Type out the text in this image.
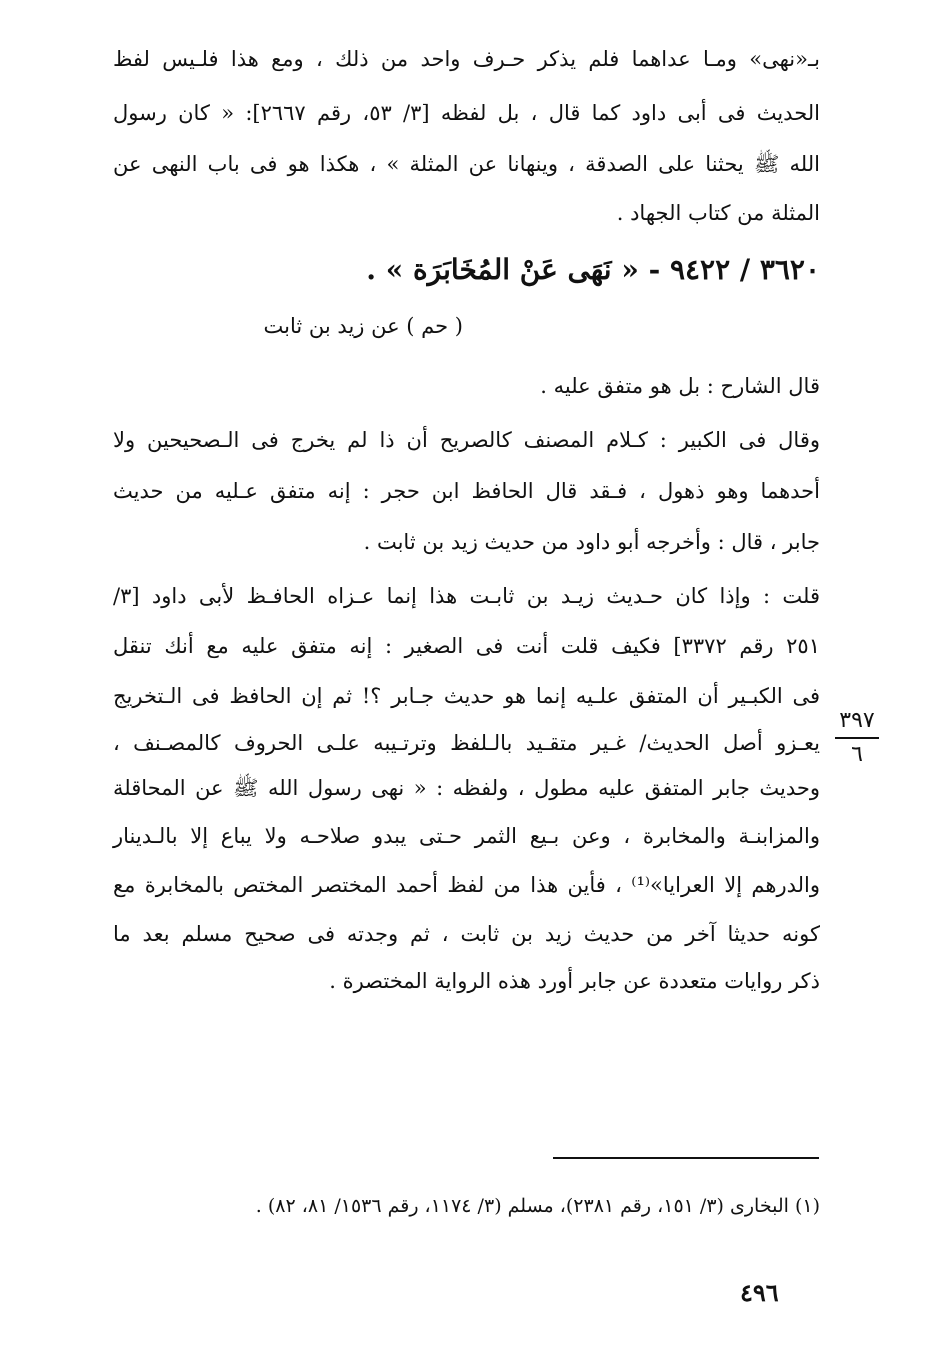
بـ«نهى» ومـا عداهما فلم يذكر حـرف واحد من ذلك ، ومع هذا فلـيس لفظ
الحديث فى أبى داود كما قال ، بل لفظه [٣/ ٥٣، رقم ٢٦٦٧]: « كان رسول
الله ﷺ يحثنا على الصدقة ، وينهانا عن المثلة » ، هكذا هو فى باب النهى عن
المثلة من كتاب الجهاد .
٣٦٢٠ / ٩٤٢٢ - « نَهَى عَنْ المُخَابَرَة » .
( حم ) عن زيد بن ثابت
قال الشارح : بل هو متفق عليه .
وقال فى الكبير : كـلام المصنف كالصريح أن ذا لم يخرج فى الـصحيحين ولا
أحدهما وهو ذهول ، فـقد قال الحافظ ابن حجر : إنه متفق عـليه من حديث
جابر ، قال : وأخرجه أبو داود من حديث زيد بن ثابت .
قلت : وإذا كان حـديث زيـد بن ثابـت هذا إنما عـزاه الحافـظ لأبى داود [٣/
٢٥١ رقم ٣٣٧٢] فكيف قلت أنت فى الصغير : إنه متفق عليه مع أنك تنقل
فى الكبـير أن المتفق علـيه إنما هو حديث جـابر ؟! ثم إن الحافظ فى الـتخريج
يعـزو أصل الحديث/ غـير متقـيد بالـلفظ وترتـيبه علـى الحروف كالمصـنف ،
وحديث جابر المتفق عليه مطول ، ولفظه : « نهى رسول الله ﷺ عن المحاقلة
والمزابنـة والمخابرة ، وعن بـيع الثمر حـتى يبدو صلاحـه ولا يباع إلا بالـدينار
والدرهم إلا العرايا»⁽¹⁾ ، فأين هذا من لفظ أحمد المختصر المختص بالمخابرة مع
كونه حديثا آخر من حديث زيد بن ثابت ، ثم وجدته فى صحيح مسلم بعد ما
ذكر روايات متعددة عن جابر أورد هذه الرواية المختصرة .
٣٩٧
٦
(١) البخارى (٣/ ١٥١، رقم ٢٣٨١)، مسلم (٣/ ١١٧٤، رقم ١٥٣٦/ ٨١، ٨٢) .
٤٩٦
